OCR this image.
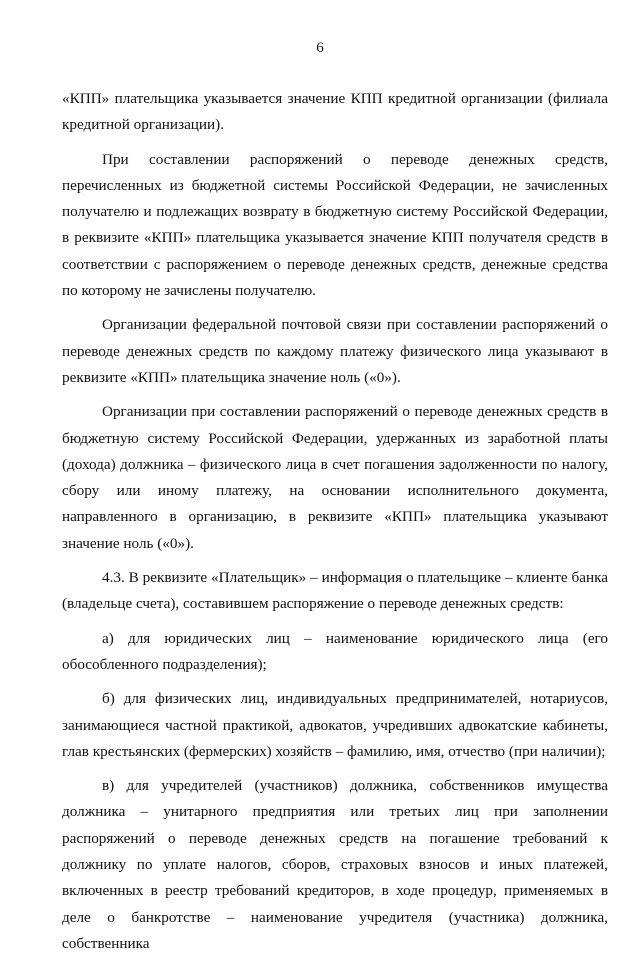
6

«КПП» плательщика указывается значение КПП кредитной организации (филиала кредитной организации).

При составлении распоряжений о переводе денежных средств, перечисленных из бюджетной системы Российской Федерации, не зачисленных получателю и подлежащих возврату в бюджетную систему Российской Федерации, в реквизите «КПП» плательщика указывается значение КПП получателя средств в соответствии с распоряжением о переводе денежных средств, денежные средства по которому не зачислены получателю.

Организации федеральной почтовой связи при составлении распоряжений о переводе денежных средств по каждому платежу физического лица указывают в реквизите «КПП» плательщика значение ноль («0»).

Организации при составлении распоряжений о переводе денежных средств в бюджетную систему Российской Федерации, удержанных из заработной платы (дохода) должника – физического лица в счет погашения задолженности по налогу, сбору или иному платежу, на основании исполнительного документа, направленного в организацию, в реквизите «КПП» плательщика указывают значение ноль («0»).

4.3. В реквизите «Плательщик» – информация о плательщике – клиенте банка (владельце счета), составившем распоряжение о переводе денежных средств:

а) для юридических лиц – наименование юридического лица (его обособленного подразделения);

б) для физических лиц, индивидуальных предпринимателей, нотариусов, занимающиеся частной практикой, адвокатов, учредивших адвокатские кабинеты, глав крестьянских (фермерских) хозяйств – фамилию, имя, отчество (при наличии);

в) для учредителей (участников) должника, собственников имущества должника – унитарного предприятия или третьих лиц при заполнении распоряжений о переводе денежных средств на погашение требований к должнику по уплате налогов, сборов, страховых взносов и иных платежей, включенных в реестр требований кредиторов, в ходе процедур, применяемых в деле о банкротстве – наименование учредителя (участника) должника, собственника
